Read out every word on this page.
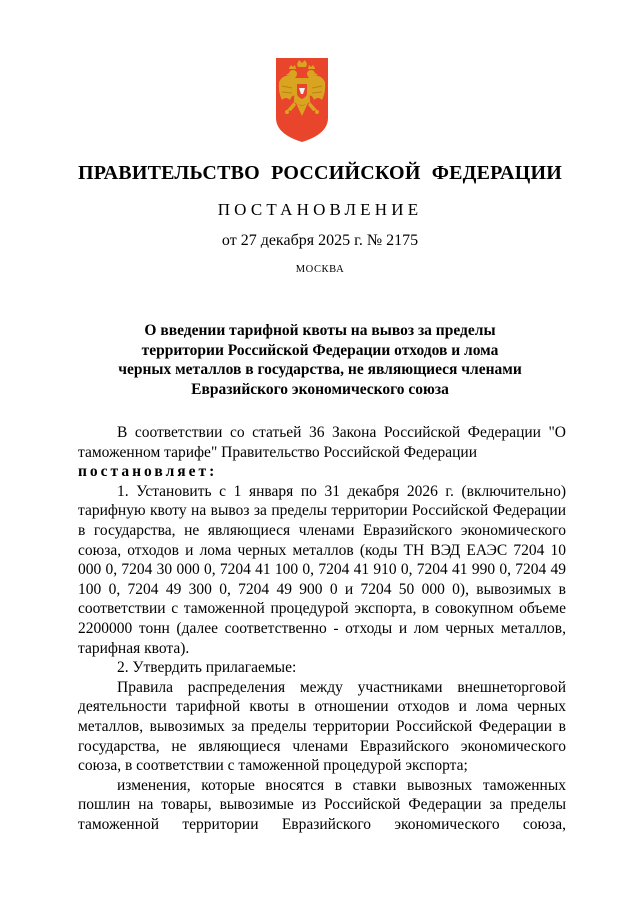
ПРАВИТЕЛЬСТВО РОССИЙСКОЙ ФЕДЕРАЦИИ
ПОСТАНОВЛЕНИЕ
от 27 декабря 2025 г. № 2175
МОСКВА
О введении тарифной квоты на вывоз за пределы
территории Российской Федерации отходов и лома
черных металлов в государства, не являющиеся членами
Евразийского экономического союза

В соответствии со статьей 36 Закона Российской Федерации "О таможенном тарифе" Правительство Российской Федерации

постановляет:

1. Установить с 1 января по 31 декабря 2026 г. (включительно) тарифную квоту на вывоз за пределы территории Российской Федерации в государства, не являющиеся членами Евразийского экономического союза, отходов и лома черных металлов (коды ТН ВЭД ЕАЭС 7204 10 000 0, 7204 30 000 0, 7204 41 100 0, 7204 41 910 0, 7204 41 990 0, 7204 49 100 0, 7204 49 300 0, 7204 49 900 0 и 7204 50 000 0), вывозимых в соответствии с таможенной процедурой экспорта, в совокупном объеме 2200000 тонн (далее соответственно - отходы и лом черных металлов, тарифная квота).

2. Утвердить прилагаемые:

Правила распределения между участниками внешнеторговой деятельности тарифной квоты в отношении отходов и лома черных металлов, вывозимых за пределы территории Российской Федерации в государства, не являющиеся членами Евразийского экономического союза, в соответствии с таможенной процедурой экспорта;

изменения, которые вносятся в ставки вывозных таможенных пошлин на товары, вывозимые из Российской Федерации за пределы таможенной территории Евразийского экономического союза,
